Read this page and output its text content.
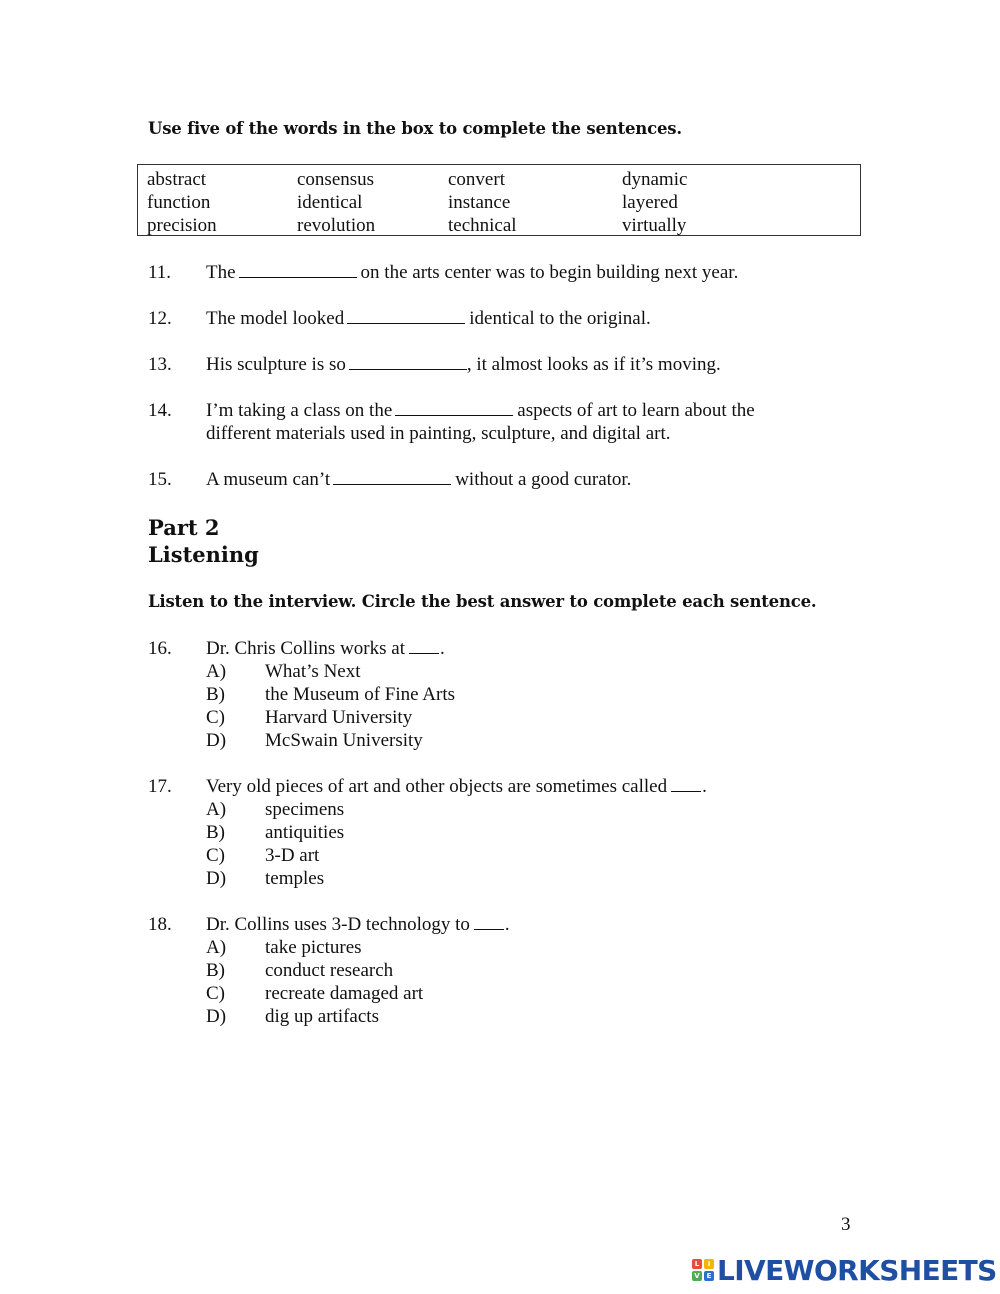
Use five of the words in the box to complete the sentences.
abstract	consensus	convert	dynamic
function	identical	instance	layered
precision	revolution	technical	virtually
11. The	on the arts center was to begin building next year.
12. The model looked	identical to the original.
13. His sculpture is so	, it almost looks as if it’s moving.
14. I’m taking a class on the	aspects of art to learn about the
different materials used in painting, sculpture, and digital art.
15. A museum can’t	without a good curator.
Part 2
Listening
Listen to the interview. Circle the best answer to complete each sentence.
16. Dr. Chris Collins works at .
A) What’s Next
B) the Museum of Fine Arts
C) Harvard University
D) McSwain University
17. Very old pieces of art and other objects are sometimes called .
A) specimens
B) antiquities
C) 3-D art
D) temples
18. Dr. Collins uses 3-D technology to .
A) take pictures
B) conduct research
C) recreate damaged art
D) dig up artifacts
3
L	I
V E LIVEWORKSHEETS
